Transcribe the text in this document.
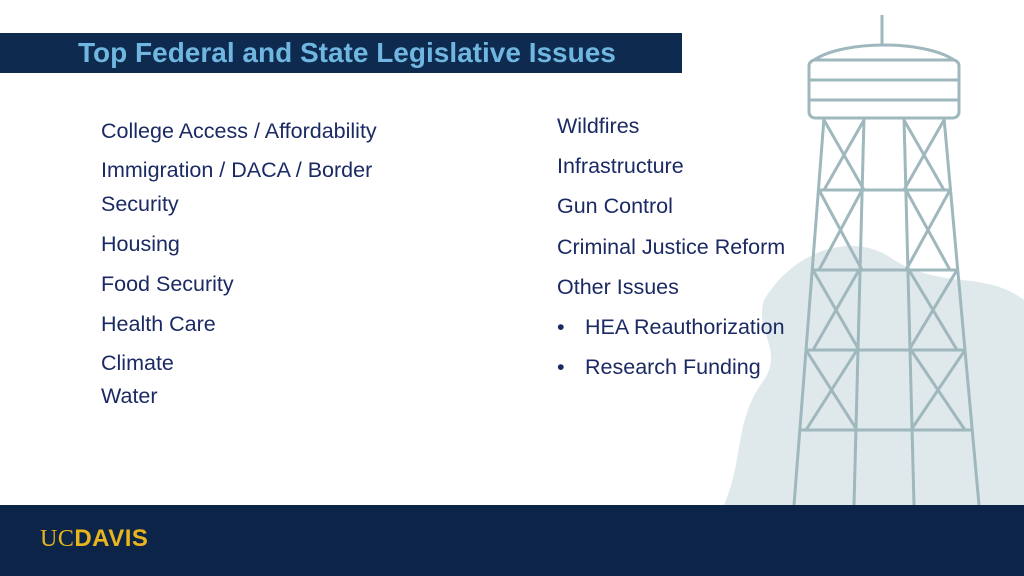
Top Federal and State Legislative Issues
College Access / Affordability
Immigration / DACA / Border Security
Housing
Food Security
Health Care
Climate
Water
Wildfires
Infrastructure
Gun Control
Criminal Justice Reform
Other Issues
• HEA Reauthorization
• Research Funding
UCDAVIS
